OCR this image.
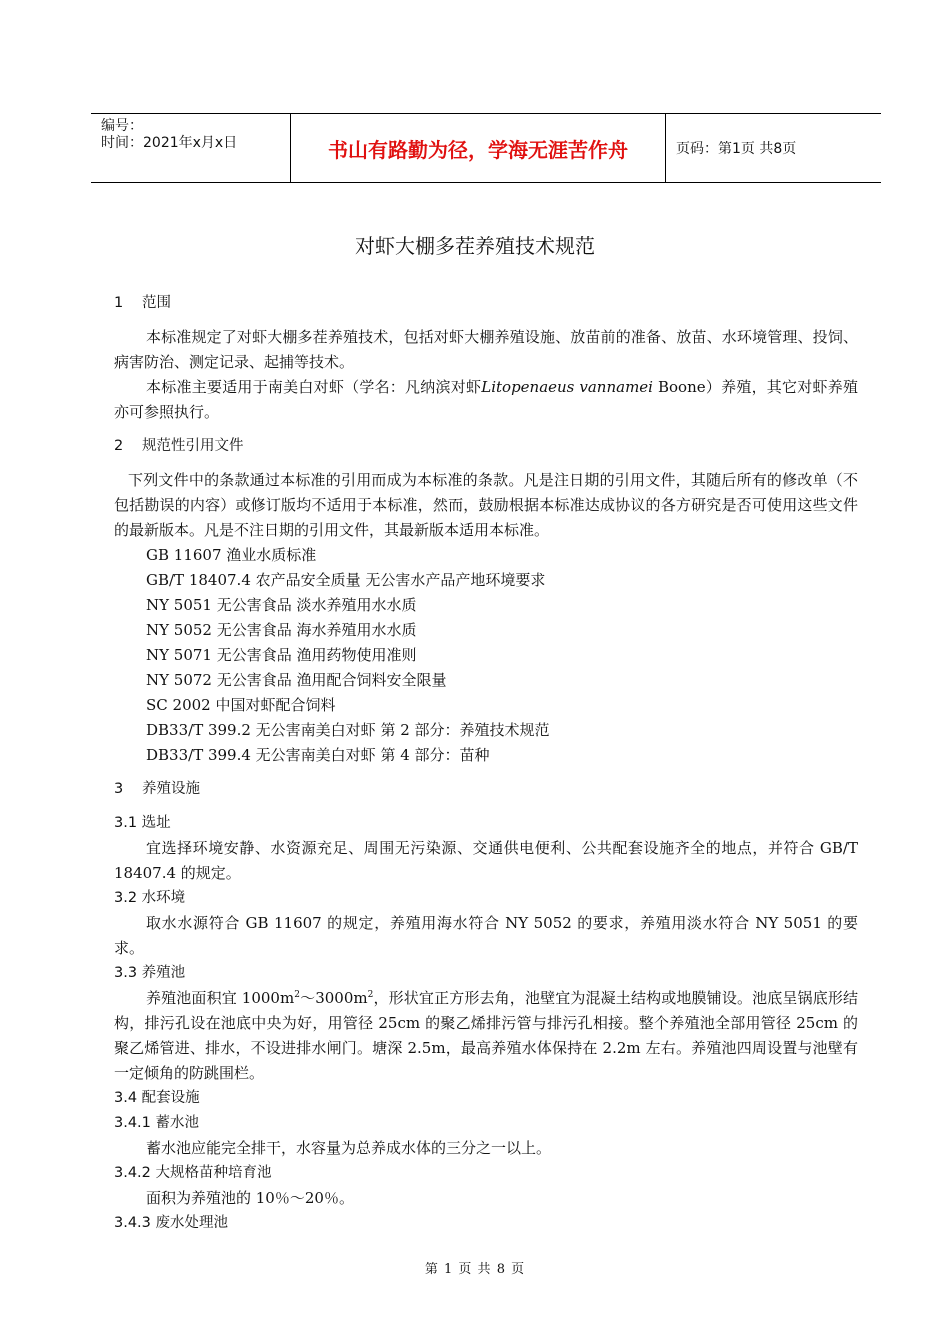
编号：
时间：2021年x月x日	书山有路勤为径，学海无涯苦作舟	页码：第1页 共8页
对虾大棚多茬养殖技术规范
1 范围
本标准规定了对虾大棚多茬养殖技术，包括对虾大棚养殖设施、放苗前的准备、放苗、水环境管理、投饲、病害防治、测定记录、起捕等技术。
本标准主要适用于南美白对虾（学名：凡纳滨对虾Litopenaeus vannamei Boone）养殖，其它对虾养殖亦可参照执行。
2 规范性引用文件
下列文件中的条款通过本标准的引用而成为本标准的条款。凡是注日期的引用文件，其随后所有的修改单（不包括勘误的内容）或修订版均不适用于本标准，然而，鼓励根据本标准达成协议的各方研究是否可使用这些文件的最新版本。凡是不注日期的引用文件，其最新版本适用本标准。
GB 11607 渔业水质标准
GB/T 18407.4 农产品安全质量 无公害水产品产地环境要求
NY 5051 无公害食品 淡水养殖用水水质
NY 5052 无公害食品 海水养殖用水水质
NY 5071 无公害食品 渔用药物使用准则
NY 5072 无公害食品 渔用配合饲料安全限量
SC 2002 中国对虾配合饲料
DB33/T 399.2 无公害南美白对虾 第 2 部分：养殖技术规范
DB33/T 399.4 无公害南美白对虾 第 4 部分：苗种
3 养殖设施
3.1 选址
宜选择环境安静、水资源充足、周围无污染源、交通供电便利、公共配套设施齐全的地点，并符合 GB/T 18407.4 的规定。
3.2 水环境
取水水源符合 GB 11607 的规定，养殖用海水符合 NY 5052 的要求，养殖用淡水符合 NY 5051 的要求。
3.3 养殖池
养殖池面积宜 $1000m^2\sim 3000m^2$，形状宜正方形去角，池壁宜为混凝土结构或地膜铺设。池底呈锅底形结构，排污孔设在池底中央为好，用管径 25cm 的聚乙烯排污管与排污孔相接。整个养殖池全部用管径 25cm 的聚乙烯管进、排水，不设进排水闸门。塘深 2.5m，最高养殖水体保持在 2.2m 左右。养殖池四周设置与池壁有一定倾角的防跳围栏。
3.4 配套设施
3.4.1 蓄水池
蓄水池应能完全排干，水容量为总养成水体的三分之一以上。
3.4.2 大规格苗种培育池
面积为养殖池的 10％～20％。
3.4.3 废水处理池
第 1 页 共 8 页
